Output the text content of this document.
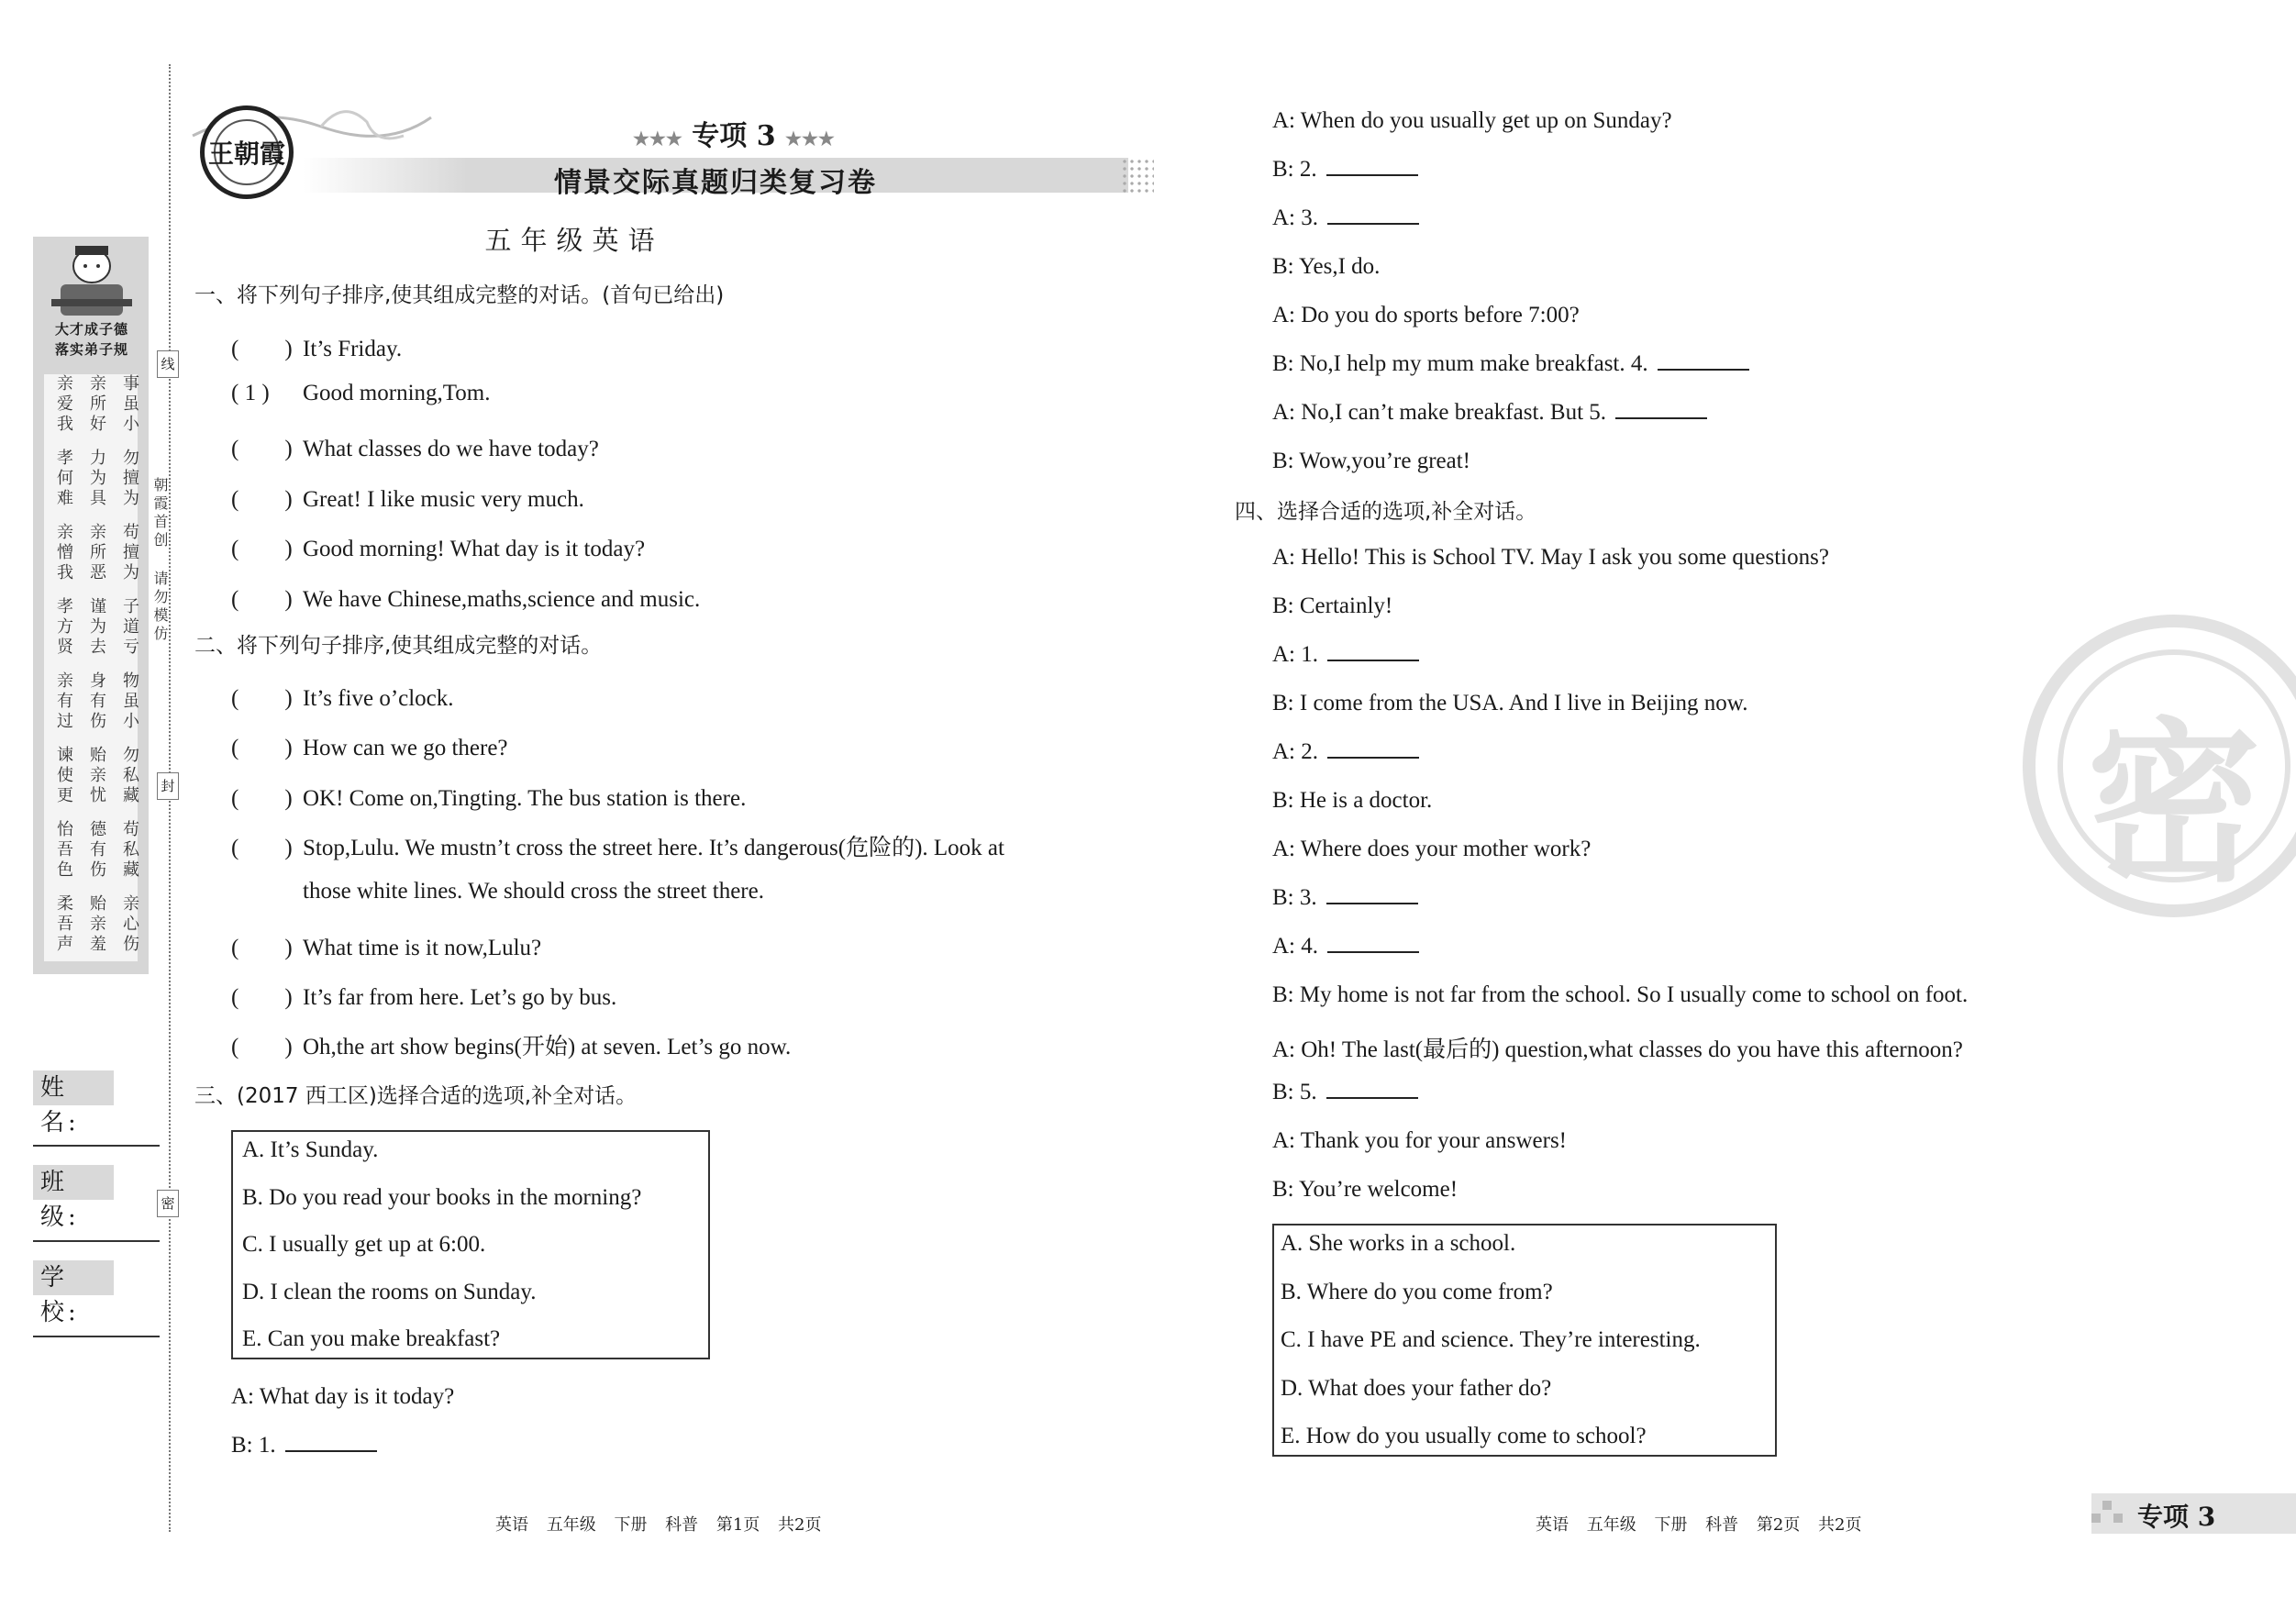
大才成子德
落实弟子规
亲爱我 亲所好 事虽小
孝何难 力为具 勿擅为
亲憎我 亲所恶 苟擅为
孝方贤 谨为去 子道亏
亲有过 身有伤 物虽小
谏使更 贻亲忧 勿私藏
怡吾色 德有伤 苟私藏
柔吾声 贻亲羞 亲心伤
朝霞首创
请勿模仿
线
封
密
姓 名:
班 级:
学 校:
王朝霞	★★★ 专项 3 ★★★
情景交际真题归类复习卷
五年级英语
一、将下列句子排序,使其组成完整的对话。(首句已给出)
(　　) It’s Friday.
( 1 ) Good morning,Tom.
(　　) What classes do we have today?
(　　) Great! I like music very much.
(　　) Good morning! What day is it today?
(　　) We have Chinese,maths,science and music.
二、将下列句子排序,使其组成完整的对话。
(　　) It’s five o’clock.
(　　) How can we go there?
(　　) OK! Come on,Tingting. The bus station is there.
(　　) Stop,Lulu. We mustn’t cross the street here. It’s dangerous(危险的). Look at
those white lines. We should cross the street there.
(　　) What time is it now,Lulu?
(　　) It’s far from here. Let’s go by bus.
(　　) Oh,the art show begins(开始) at seven. Let’s go now.
三、(2017 西工区)选择合适的选项,补全对话。
A. It’s Sunday.
B. Do you read your books in the morning?
C. I usually get up at 6:00.
D. I clean the rooms on Sunday.
E. Can you make breakfast?
A: What day is it today?
B: 1.
A: When do you usually get up on Sunday?
B: 2.
A: 3.
B: Yes,I do.
A: Do you do sports before 7:00?
B: No,I help my mum make breakfast. 4.
A: No,I can’t make breakfast. But 5.
B: Wow,you’re great!
四、选择合适的选项,补全对话。
A: Hello! This is School TV. May I ask you some questions?
B: Certainly!
A: 1.
B: I come from the USA. And I live in Beijing now.
A: 2.
B: He is a doctor.
A: Where does your mother work?
B: 3.
A: 4.
B: My home is not far from the school. So I usually come to school on foot.
A: Oh! The last(最后的) question,what classes do you have this afternoon?
B: 5.
A: Thank you for your answers!
B: You’re welcome!
A. She works in a school.
B. Where do you come from?
C. I have PE and science. They’re interesting.
D. What does your father do?
E. How do you usually come to school?
密
英语 五年级 下册 科普 第1页 共2页	英语 五年级 下册 科普 第2页 共2页	专项 3
